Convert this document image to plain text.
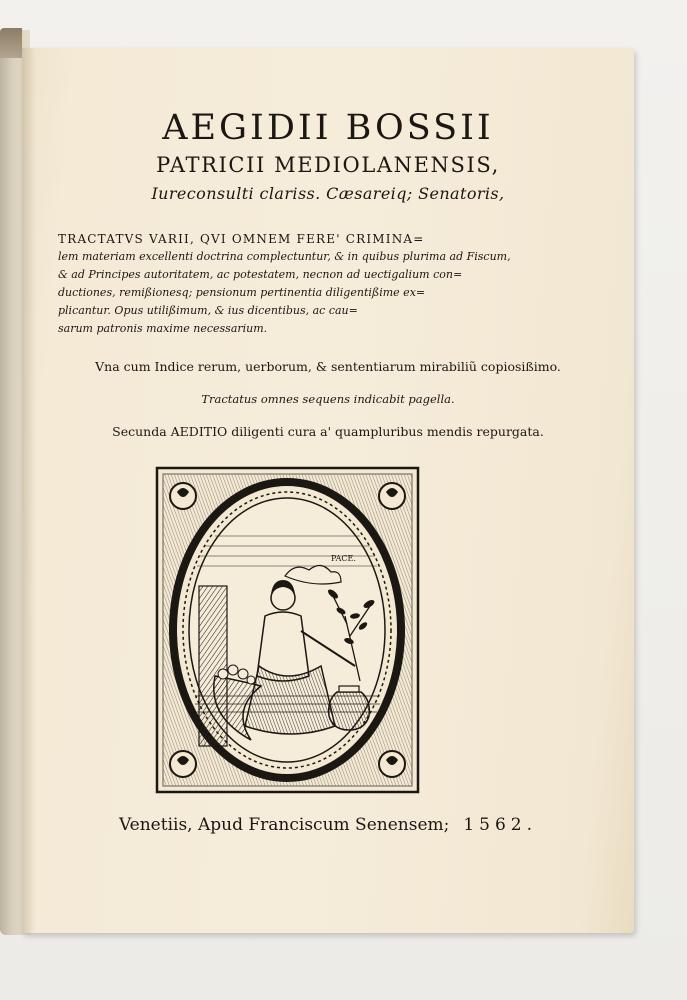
AEGIDII BOSSII
PATRICII MEDIOLANENSIS,
Iureconsulti clariss. Cæsareiq; Senatoris,
TRACTATVS VARII, QVI OMNEM FERE' CRIMINA=
lem materiam excellenti doctrina complectuntur, & in quibus plurima ad Fiscum,
& ad Principes autoritatem, ac potestatem, necnon ad uectigalium con=
ductiones, remißionesq; pensionum pertinentia diligentißime ex=
plicantur. Opus utilißimum, & ius dicentibus, ac cau=
sarum patronis maxime necessarium.
Vna cum Indice rerum, uerborum, & sententiarum mirabiliũ copiosißimo.
Tractatus omnes sequens indicabit pagella.
Secunda AEDITIO diligenti cura a' quampluribus mendis repurgata.
PACE.
Venetiis, Apud Franciscum Senensem; 1562.
